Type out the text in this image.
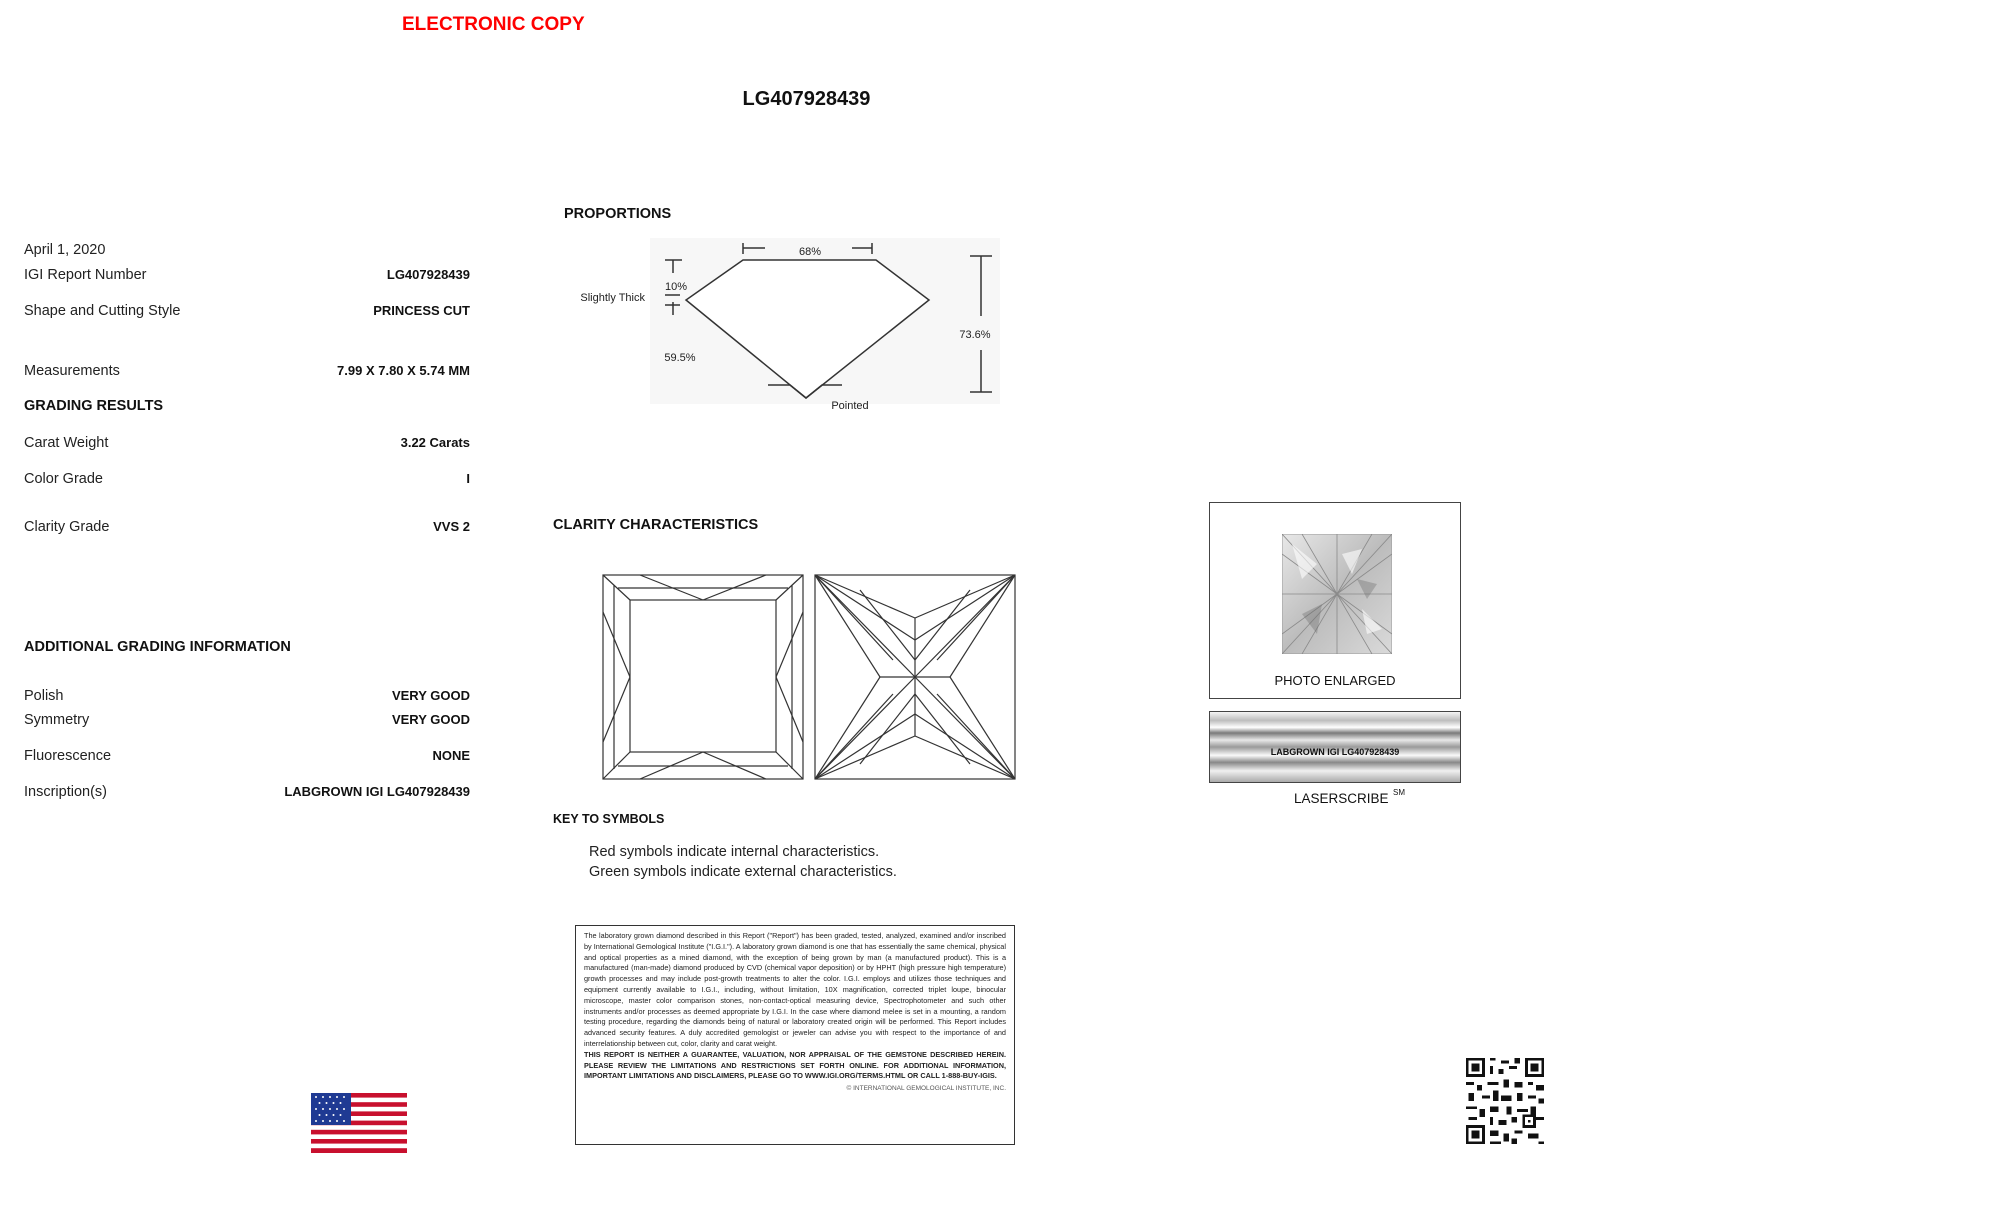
ELECTRONIC COPY
LG407928439
April 1, 2020
IGI Report Number	LG407928439
Shape and Cutting Style	PRINCESS CUT
Measurements	7.99 X 7.80 X 5.74 MM
GRADING RESULTS
Carat Weight	3.22 Carats
Color Grade	I
Clarity Grade	VVS 2
ADDITIONAL GRADING INFORMATION
Polish	VERY GOOD
Symmetry	VERY GOOD
Fluorescence	NONE
Inscription(s)	LABGROWN IGI LG407928439
PROPORTIONS
68%
10%
Slightly Thick
59.5%
73.6%
Pointed
CLARITY CHARACTERISTICS
KEY TO SYMBOLS
Red symbols indicate internal characteristics.
Green symbols indicate external characteristics.
The laboratory grown diamond described in this Report ("Report") has been graded, tested, analyzed, examined and/or inscribed by International Gemological Institute ("I.G.I."). A laboratory grown diamond is one that has essentially the same chemical, physical and optical properties as a mined diamond, with the exception of being grown by man (a manufactured product). This is a manufactured (man-made) diamond produced by CVD (chemical vapor deposition) or by HPHT (high pressure high temperature) growth processes and may include post-growth treatments to alter the color. I.G.I. employs and utilizes those techniques and equipment currently available to I.G.I., including, without limitation, 10X magnification, corrected triplet loupe, binocular microscope, master color comparison stones, non-contact-optical measuring device, Spectrophotometer and such other instruments and/or processes as deemed appropriate by I.G.I. In the case where diamond melee is set in a mounting, a random testing procedure, regarding the diamonds being of natural or laboratory created origin will be performed. This Report includes advanced security features. A duly accredited gemologist or jeweler can advise you with respect to the importance of and interrelationship between cut, color, clarity and carat weight.
THIS REPORT IS NEITHER A GUARANTEE, VALUATION, NOR APPRAISAL OF THE GEMSTONE DESCRIBED HEREIN. PLEASE REVIEW THE LIMITATIONS AND RESTRICTIONS SET FORTH ONLINE. FOR ADDITIONAL INFORMATION, IMPORTANT LIMITATIONS AND DISCLAIMERS, PLEASE GO TO WWW.IGI.ORG/TERMS.HTML OR CALL 1-888-BUY-IGIS.
© INTERNATIONAL GEMOLOGICAL INSTITUTE, INC.
PHOTO ENLARGED
LABGROWN IGI LG407928439
LASERSCRIBE SM
